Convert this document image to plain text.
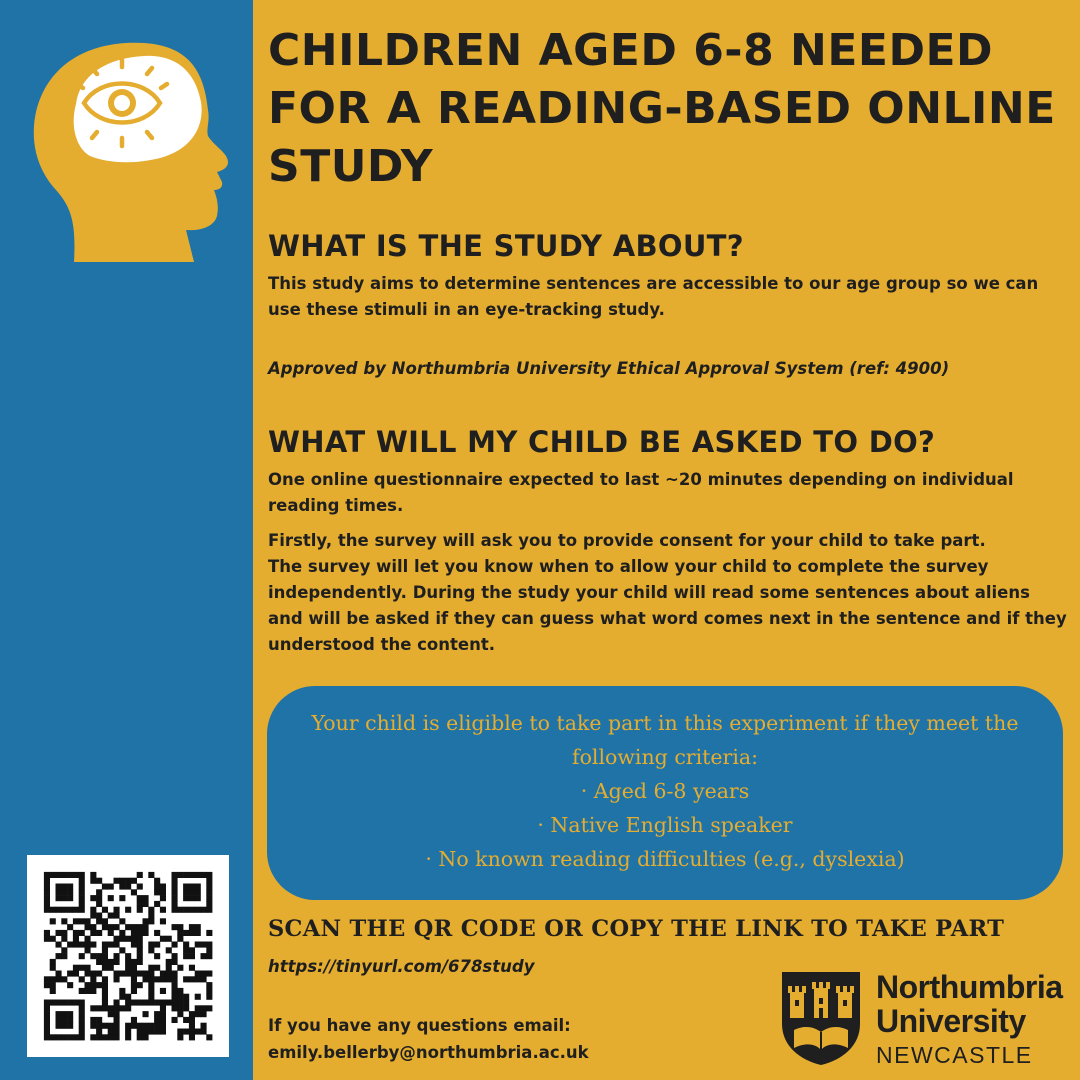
CHILDREN AGED 6-8 NEEDED FOR A READING-BASED ONLINE STUDY
WHAT IS THE STUDY ABOUT?

This study aims to determine sentences are accessible to our age group so we can use these stimuli in an eye-tracking study.

Approved by Northumbria University Ethical Approval System (ref: 4900)

WHAT WILL MY CHILD BE ASKED TO DO?

One online questionnaire expected to last ~20 minutes depending on individual reading times.

Firstly, the survey will ask you to provide consent for your child to take part.

The survey will let you know when to allow your child to complete the survey independently. During the study your child will read some sentences about aliens and will be asked if they can guess what word comes next in the sentence and if they understood the content.

Your child is eligible to take part in this experiment if they meet the
following criteria:
· Aged 6-8 years
· Native English speaker
· No known reading difficulties (e.g., dyslexia)
SCAN THE QR CODE OR COPY THE LINK TO TAKE PART
https://tinyurl.com/678study
If you have any questions email:
emily.bellerby@northumbria.ac.uk
Northumbria
University
NEWCASTLE
